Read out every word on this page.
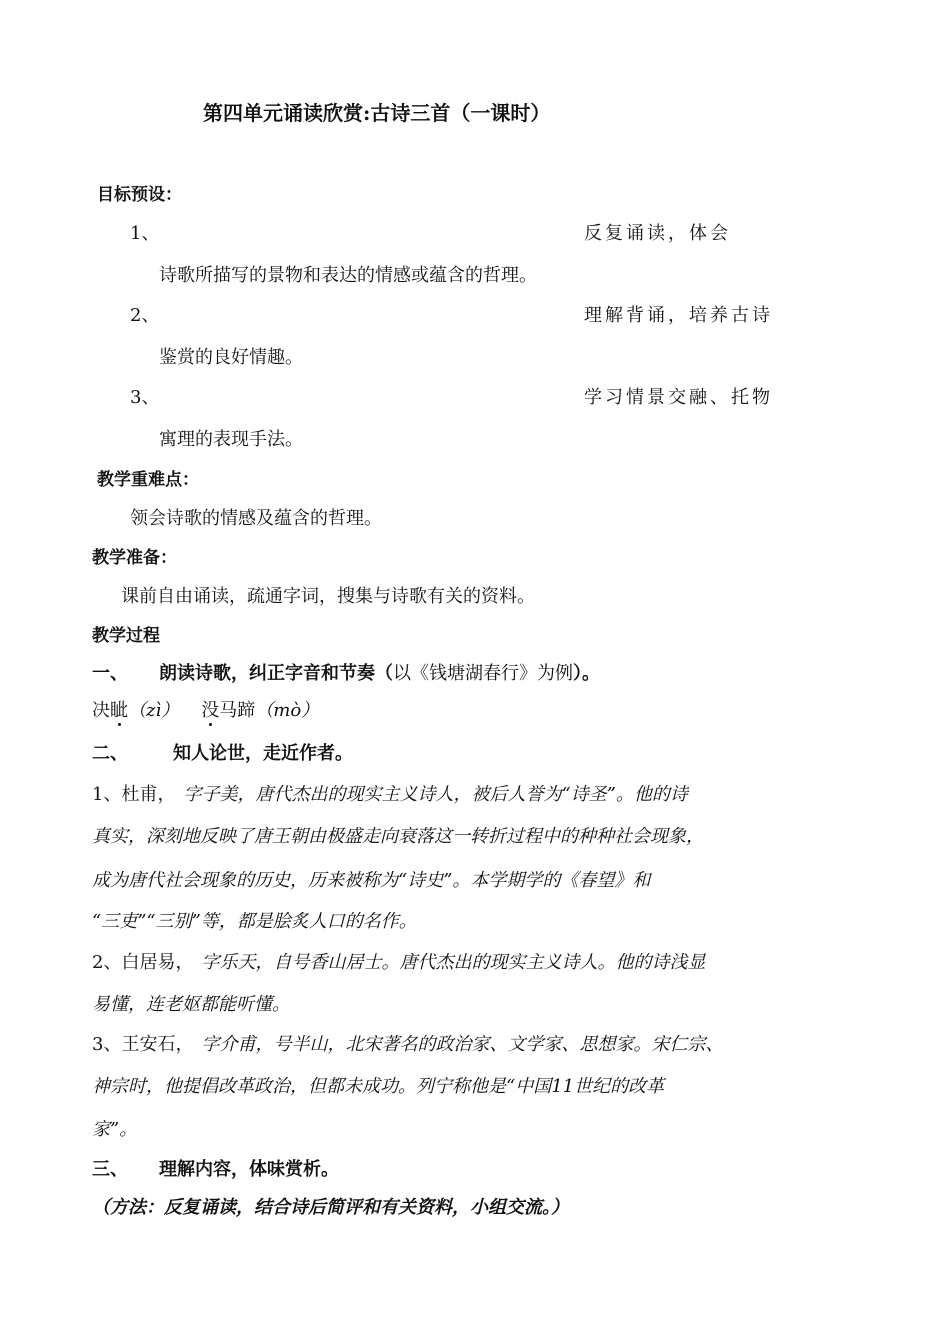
第四单元诵读欣赏:古诗三首（一课时）
目标预设：
1、	反复诵读，体会
诗歌所描写的景物和表达的情感或蕴含的哲理。
2、	理解背诵，培养古诗
鉴赏的良好情趣。
3、	学习情景交融、托物
寓理的表现手法。
教学重难点：
领会诗歌的情感及蕴含的哲理。
教学准备：
课前自由诵读，疏通字词，搜集与诗歌有关的资料。
教学过程
一、 朗读诗歌，纠正字音和节奏（以《钱塘湖春行》为例）。
决眦（zì） 没马蹄（mò）
二、	知人论世，走近作者。
1、杜甫， 字子美，唐代杰出的现实主义诗人，被后人誉为“诗圣”。他的诗
真实，深刻地反映了唐王朝由极盛走向衰落这一转折过程中的种种社会现象，
成为唐代社会现象的历史，历来被称为“诗史”。本学期学的《春望》和
“三吏”“三别”等，都是脍炙人口的名作。
2、白居易， 字乐天，自号香山居士。唐代杰出的现实主义诗人。他的诗浅显
易懂，连老妪都能听懂。
3、王安石， 字介甫，号半山，北宋著名的政治家、文学家、思想家。宋仁宗、
神宗时，他提倡改革政治，但都未成功。列宁称他是“中国11世纪的改革
家”。
三、 理解内容，体味赏析。
（方法：反复诵读，结合诗后简评和有关资料，小组交流。）
